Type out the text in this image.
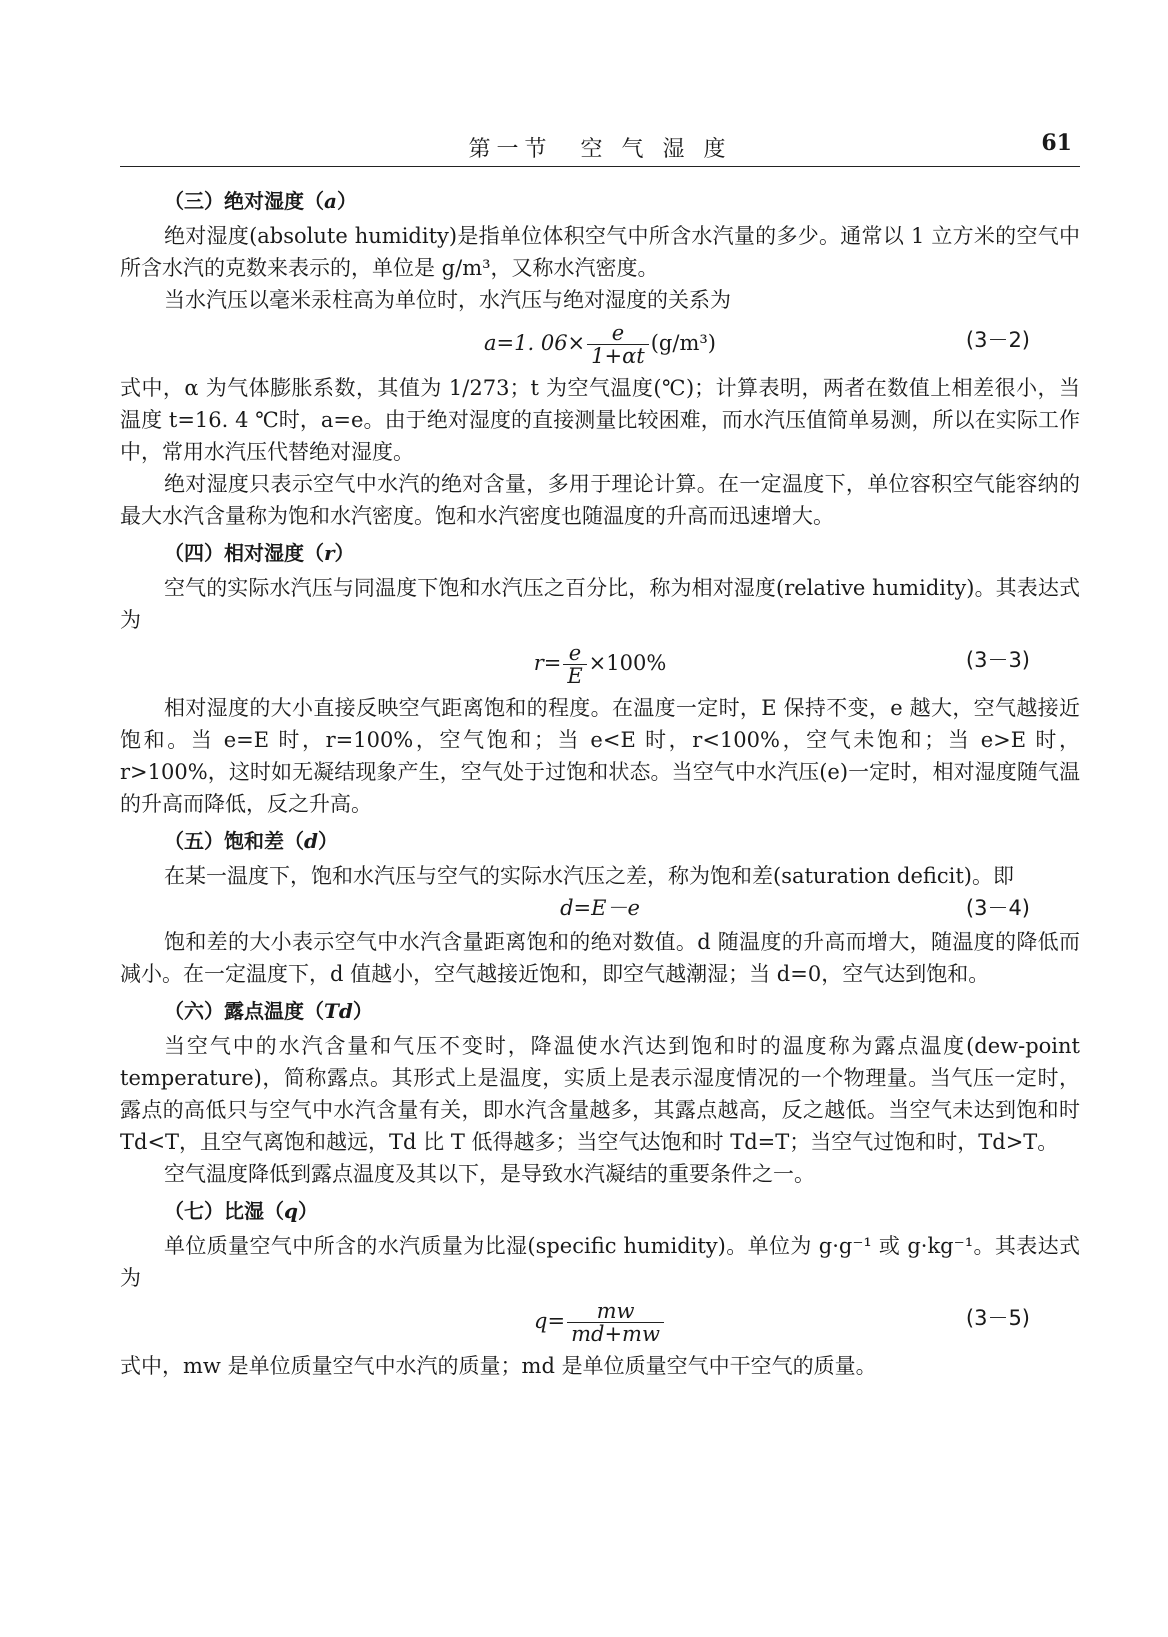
第一节　空 气 湿 度	61
（三）绝对湿度（a）

绝对湿度(absolute humidity)是指单位体积空气中所含水汽量的多少。通常以 1 立方米的空气中所含水汽的克数来表示的，单位是 g/m³，又称水汽密度。

当水汽压以毫米汞柱高为单位时，水汽压与绝对湿度的关系为

a=1. $06\times \frac{e}{1+\alpha t} (g/m^3)$	(3－2)

式中，α 为气体膨胀系数，其值为 1/273；t 为空气温度(℃)；计算表明，两者在数值上相差很小，当温度 t=16. 4 ℃时，a=e。由于绝对湿度的直接测量比较困难，而水汽压值简单易测，所以在实际工作中，常用水汽压代替绝对湿度。

绝对湿度只表示空气中水汽的绝对含量，多用于理论计算。在一定温度下，单位容积空气能容纳的最大水汽含量称为饱和水汽密度。饱和水汽密度也随温度的升高而迅速增大。

（四）相对湿度（r）

空气的实际水汽压与同温度下饱和水汽压之百分比，称为相对湿度(relative humidity)。其表达式为

$r= \frac{e}{E} \times 100\%$	(3－3)

相对湿度的大小直接反映空气距离饱和的程度。在温度一定时，E 保持不变，e 越大，空气越接近饱和。当 e=E 时，r=100%，空气饱和；当 e<E 时，r<100%，空气未饱和；当 e>E 时，r>100%，这时如无凝结现象产生，空气处于过饱和状态。当空气中水汽压(e)一定时，相对湿度随气温的升高而降低，反之升高。

（五）饱和差（d）

在某一温度下，饱和水汽压与空气的实际水汽压之差，称为饱和差(saturation deficit)。即

d=E－e	(3－4)

饱和差的大小表示空气中水汽含量距离饱和的绝对数值。d 随温度的升高而增大，随温度的降低而减小。在一定温度下，d 值越小，空气越接近饱和，即空气越潮湿；当 d=0，空气达到饱和。

（六）露点温度（Td）

当空气中的水汽含量和气压不变时，降温使水汽达到饱和时的温度称为露点温度(dew-point temperature)，简称露点。其形式上是温度，实质上是表示湿度情况的一个物理量。当气压一定时，露点的高低只与空气中水汽含量有关，即水汽含量越多，其露点越高，反之越低。当空气未达到饱和时 Td<T，且空气离饱和越远，Td 比 T 低得越多；当空气达饱和时 Td=T；当空气过饱和时，Td>T。

空气温度降低到露点温度及其以下，是导致水汽凝结的重要条件之一。

（七）比湿（q）

单位质量空气中所含的水汽质量为比湿(specific humidity)。单位为 g·g⁻¹ 或 g·kg⁻¹。其表达式为

$q= \frac{mw}{md+mw}$	(3－5)

式中，mw 是单位质量空气中水汽的质量；md 是单位质量空气中干空气的质量。
